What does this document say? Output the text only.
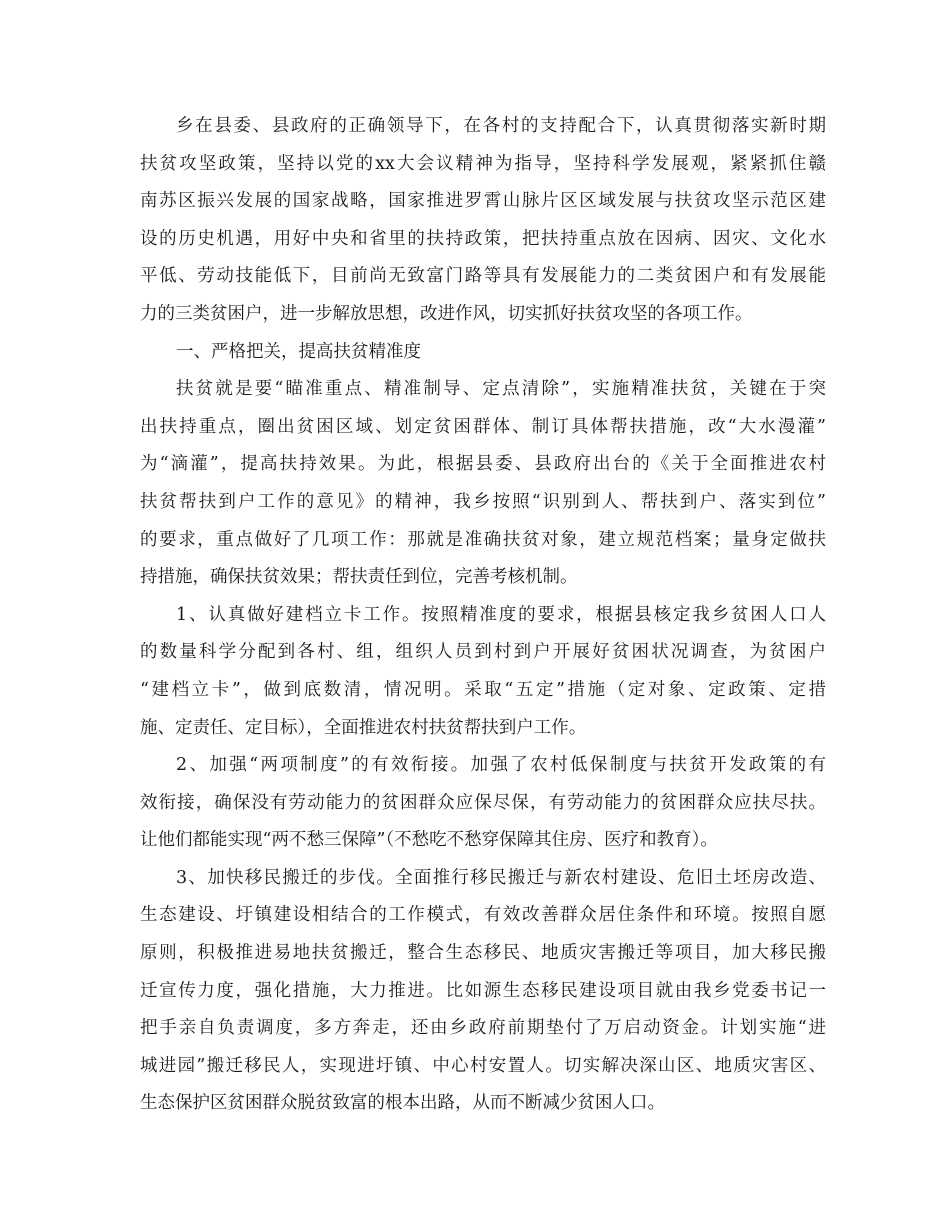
乡在县委、县政府的正确领导下，在各村的支持配合下，认真贯彻落实新时期
扶贫攻坚政策，坚持以党的xx大会议精神为指导，坚持科学发展观，紧紧抓住赣
南苏区振兴发展的国家战略，国家推进罗霄山脉片区区域发展与扶贫攻坚示范区建
设的历史机遇，用好中央和省里的扶持政策，把扶持重点放在因病、因灾、文化水
平低、劳动技能低下，目前尚无致富门路等具有发展能力的二类贫困户和有发展能
力的三类贫困户，进一步解放思想，改进作风，切实抓好扶贫攻坚的各项工作。
一、严格把关，提高扶贫精准度
扶贫就是要“瞄准重点、精准制导、定点清除”，实施精准扶贫，关键在于突
出扶持重点，圈出贫困区域、划定贫困群体、制订具体帮扶措施，改“大水漫灌”
为“滴灌”，提高扶持效果。为此，根据县委、县政府出台的《关于全面推进农村
扶贫帮扶到户工作的意见》的精神，我乡按照“识别到人、帮扶到户、落实到位”
的要求，重点做好了几项工作：那就是准确扶贫对象，建立规范档案；量身定做扶
持措施，确保扶贫效果；帮扶责任到位，完善考核机制。
1、认真做好建档立卡工作。按照精准度的要求，根据县核定我乡贫困人口人
的数量科学分配到各村、组，组织人员到村到户开展好贫困状况调查，为贫困户
“建档立卡”，做到底数清，情况明。采取“五定”措施（定对象、定政策、定措
施、定责任、定目标），全面推进农村扶贫帮扶到户工作。
2、加强“两项制度”的有效衔接。加强了农村低保制度与扶贫开发政策的有
效衔接，确保没有劳动能力的贫困群众应保尽保，有劳动能力的贫困群众应扶尽扶。
让他们都能实现“两不愁三保障”（不愁吃不愁穿保障其住房、医疗和教育）。
3、加快移民搬迁的步伐。全面推行移民搬迁与新农村建设、危旧土坯房改造、
生态建设、圩镇建设相结合的工作模式，有效改善群众居住条件和环境。按照自愿
原则，积极推进易地扶贫搬迁，整合生态移民、地质灾害搬迁等项目，加大移民搬
迁宣传力度，强化措施，大力推进。比如源生态移民建设项目就由我乡党委书记一
把手亲自负责调度，多方奔走，还由乡政府前期垫付了万启动资金。计划实施“进
城进园”搬迁移民人，实现进圩镇、中心村安置人。切实解决深山区、地质灾害区、
生态保护区贫困群众脱贫致富的根本出路，从而不断减少贫困人口。
